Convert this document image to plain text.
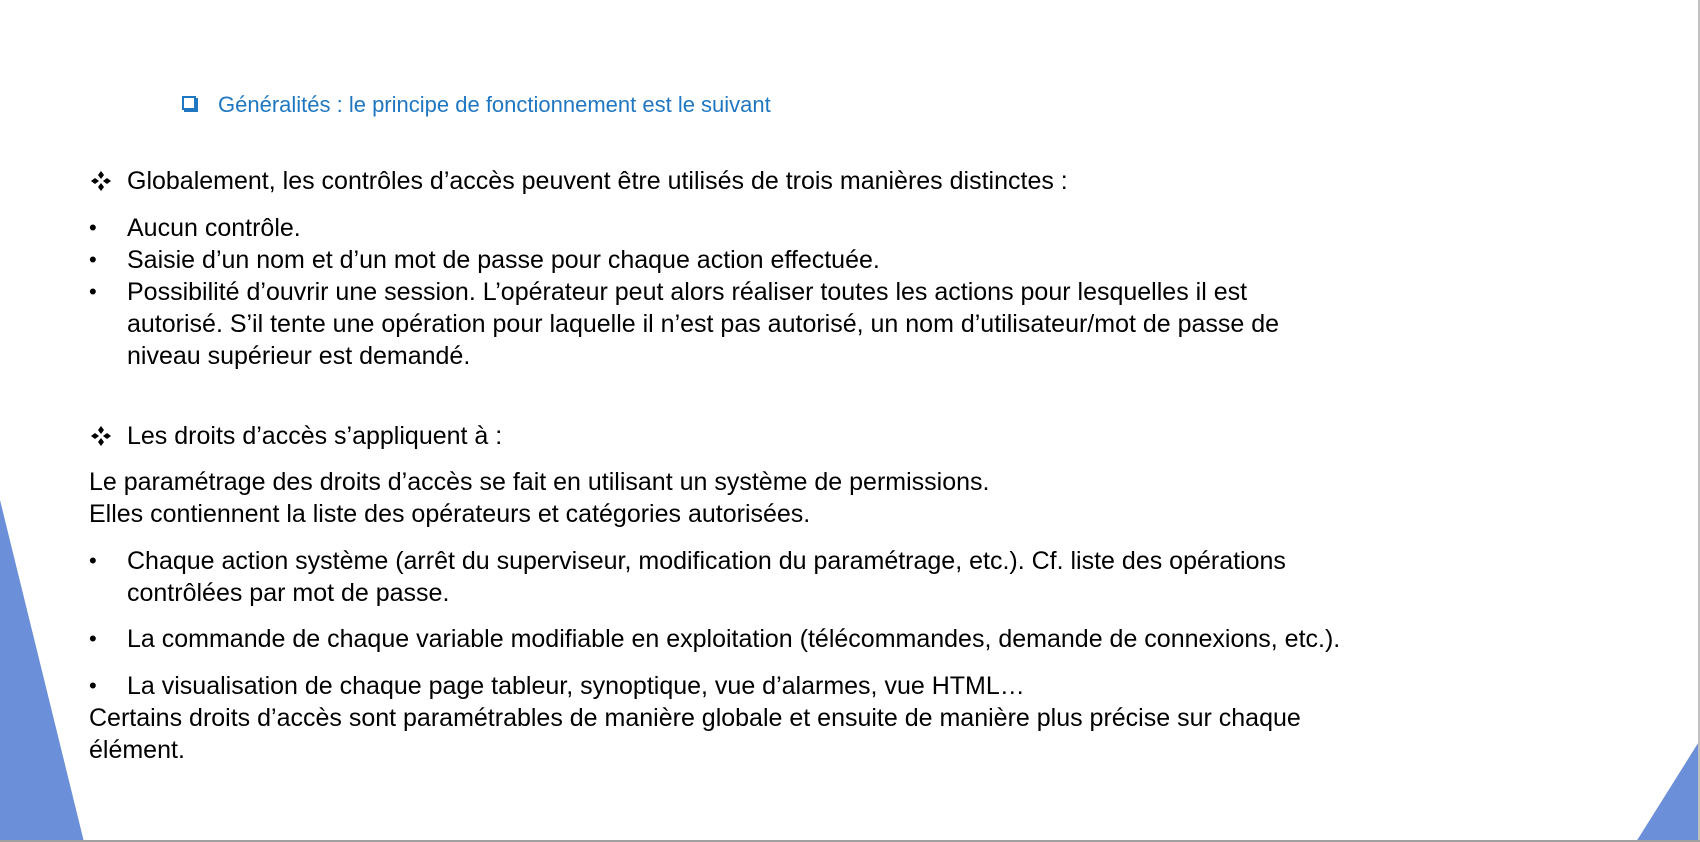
Généralités : le principe de fonctionnement est le suivant
Globalement, les contrôles d’accès peuvent être utilisés de trois manières distinctes :
• Aucun contrôle.
• Saisie d’un nom et d’un mot de passe pour chaque action effectuée.
• Possibilité d’ouvrir une session. L’opérateur peut alors réaliser toutes les actions pour lesquelles il est
autorisé. S’il tente une opération pour laquelle il n’est pas autorisé, un nom d’utilisateur/mot de passe de
niveau supérieur est demandé.
Les droits d’accès s’appliquent à :
Le paramétrage des droits d’accès se fait en utilisant un système de permissions.
Elles contiennent la liste des opérateurs et catégories autorisées.
• Chaque action système (arrêt du superviseur, modification du paramétrage, etc.). Cf. liste des opérations
contrôlées par mot de passe.
• La commande de chaque variable modifiable en exploitation (télécommandes, demande de connexions, etc.).
• La visualisation de chaque page tableur, synoptique, vue d’alarmes, vue HTML…
Certains droits d’accès sont paramétrables de manière globale et ensuite de manière plus précise sur chaque
élément.
